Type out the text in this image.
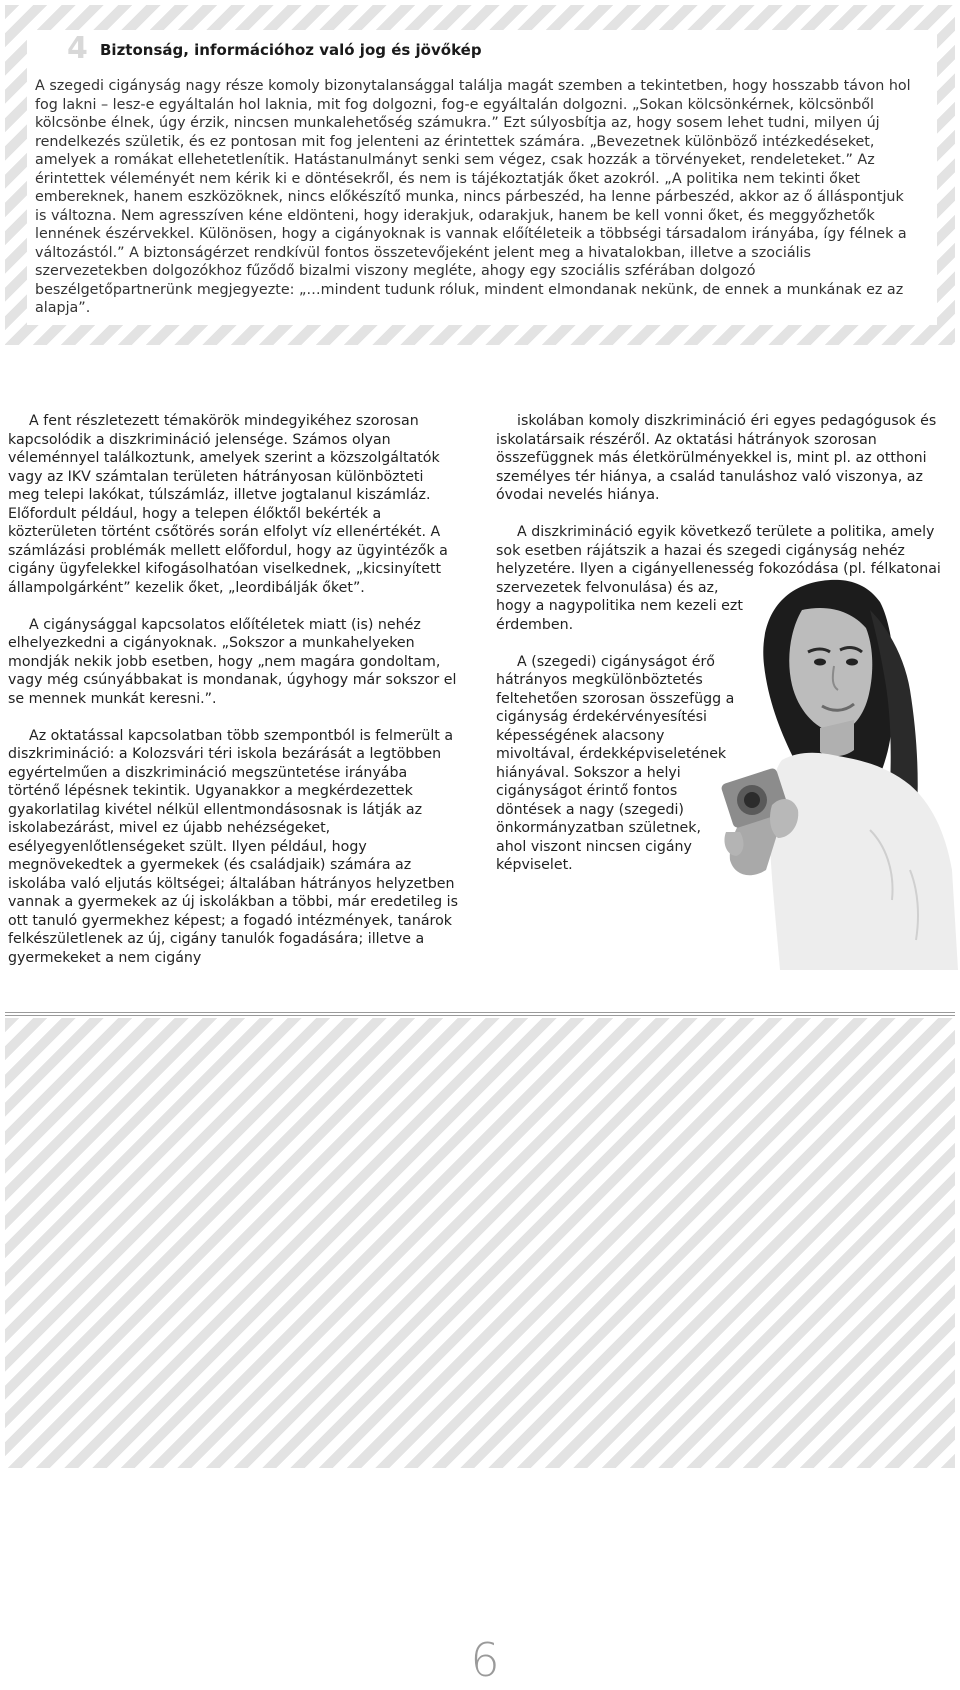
4 Biztonság, információhoz való jog és jövőkép

A szegedi cigányság nagy része komoly bizonytalansággal találja magát szemben a tekintetben, hogy hosszabb távon hol fog lakni – lesz-e egyáltalán hol laknia, mit fog dolgozni, fog-e egyáltalán dolgozni. „Sokan kölcsönkérnek, kölcsönből kölcsönbe élnek, úgy érzik, nincsen munkalehetőség számukra.” Ezt súlyosbítja az, hogy sosem lehet tudni, milyen új rendelkezés születik, és ez pontosan mit fog jelenteni az érintettek számára. „Bevezetnek különböző intézkedéseket, amelyek a romákat ellehetetlenítik. Hatástanulmányt senki sem végez, csak hozzák a törvényeket, rendeleteket.” Az érintettek véleményét nem kérik ki e döntésekről, és nem is tájékoztatják őket azokról. „A politika nem tekinti őket embereknek, hanem eszközöknek, nincs előkészítő munka, nincs párbeszéd, ha lenne párbeszéd, akkor az ő álláspontjuk is változna. Nem agresszíven kéne eldönteni, hogy iderakjuk, odarakjuk, hanem be kell vonni őket, és meggyőzhetők lennének észérvekkel. Különösen, hogy a cigányoknak is vannak előítéleteik a többségi társadalom irányába, így félnek a változástól.” A biztonságérzet rendkívül fontos összetevőjeként jelent meg a hivatalokban, illetve a szociális szervezetekben dolgozókhoz fűződő bizalmi viszony megléte, ahogy egy szociális szférában dolgozó beszélgetőpartnerünk megjegyezte: „…mindent tudunk róluk, mindent elmondanak nekünk, de ennek a munkának ez az alapja”.

A fent részletezett témakörök mindegyikéhez szorosan kapcsolódik a diszkrimináció jelensége. Számos olyan véleménnyel találkoztunk, amelyek szerint a közszolgáltatók vagy az IKV számtalan területen hátrányosan különbözteti meg telepi lakókat, túlszámláz, illetve jogtalanul kiszámláz. Előfordult például, hogy a telepen élőktől bekérték a közterületen történt csőtörés során elfolyt víz ellenértékét. A számlázási problémák mellett előfordul, hogy az ügyintézők a cigány ügyfelekkel kifogásolhatóan viselkednek, „kicsinyített állampolgárként” kezelik őket, „leordibálják őket”.

A cigánysággal kapcsolatos előítéletek miatt (is) nehéz elhelyezkedni a cigányoknak. „Sokszor a munkahelyeken mondják nekik jobb esetben, hogy „nem magára gondoltam, vagy még csúnyábbakat is mondanak, úgyhogy már sokszor el se mennek munkát keresni.”.

Az oktatással kapcsolatban több szempontból is felmerült a diszkrimináció: a Kolozsvári téri iskola bezárását a legtöbben egyértelműen a diszkrimináció megszüntetése irányába történő lépésnek tekintik. Ugyanakkor a megkérdezettek gyakorlatilag kivétel nélkül ellentmondásosnak is látják az iskolabezárást, mivel ez újabb nehézségeket, esélyegyenlőtlenségeket szült. Ilyen például, hogy megnövekedtek a gyermekek (és családjaik) számára az iskolába való eljutás költségei; általában hátrányos helyzetben vannak a gyermekek az új iskolákban a többi, már eredetileg is ott tanuló gyermekhez képest; a fogadó intézmények, tanárok felkészületlenek az új, cigány tanulók fogadására; illetve a gyermekeket a nem cigány

iskolában komoly diszkrimináció éri egyes pedagógusok és iskolatársaik részéről. Az oktatási hátrányok szorosan összefüggnek más életkörülményekkel is, mint pl. az otthoni személyes tér hiánya, a család tanuláshoz való viszonya, az óvodai nevelés hiánya.

A diszkrimináció egyik következő területe a politika, amely sok esetben rájátszik a hazai és szegedi cigányság nehéz helyzetére. Ilyen a cigányellenesség fokozódása (pl. félkatonai szervezetek felvonulása) és az, hogy a nagypolitika nem kezeli ezt érdemben.

A (szegedi) cigányságot érő hátrányos megkülönböztetés feltehetően szorosan összefügg a cigányság érdekérvényesítési képességének alacsony mivoltával, érdekképviseletének hiányával. Sokszor a helyi cigányságot érintő fontos döntések a nagy (szegedi) önkormányzatban születnek, ahol viszont nincsen cigány képviselet.

6
